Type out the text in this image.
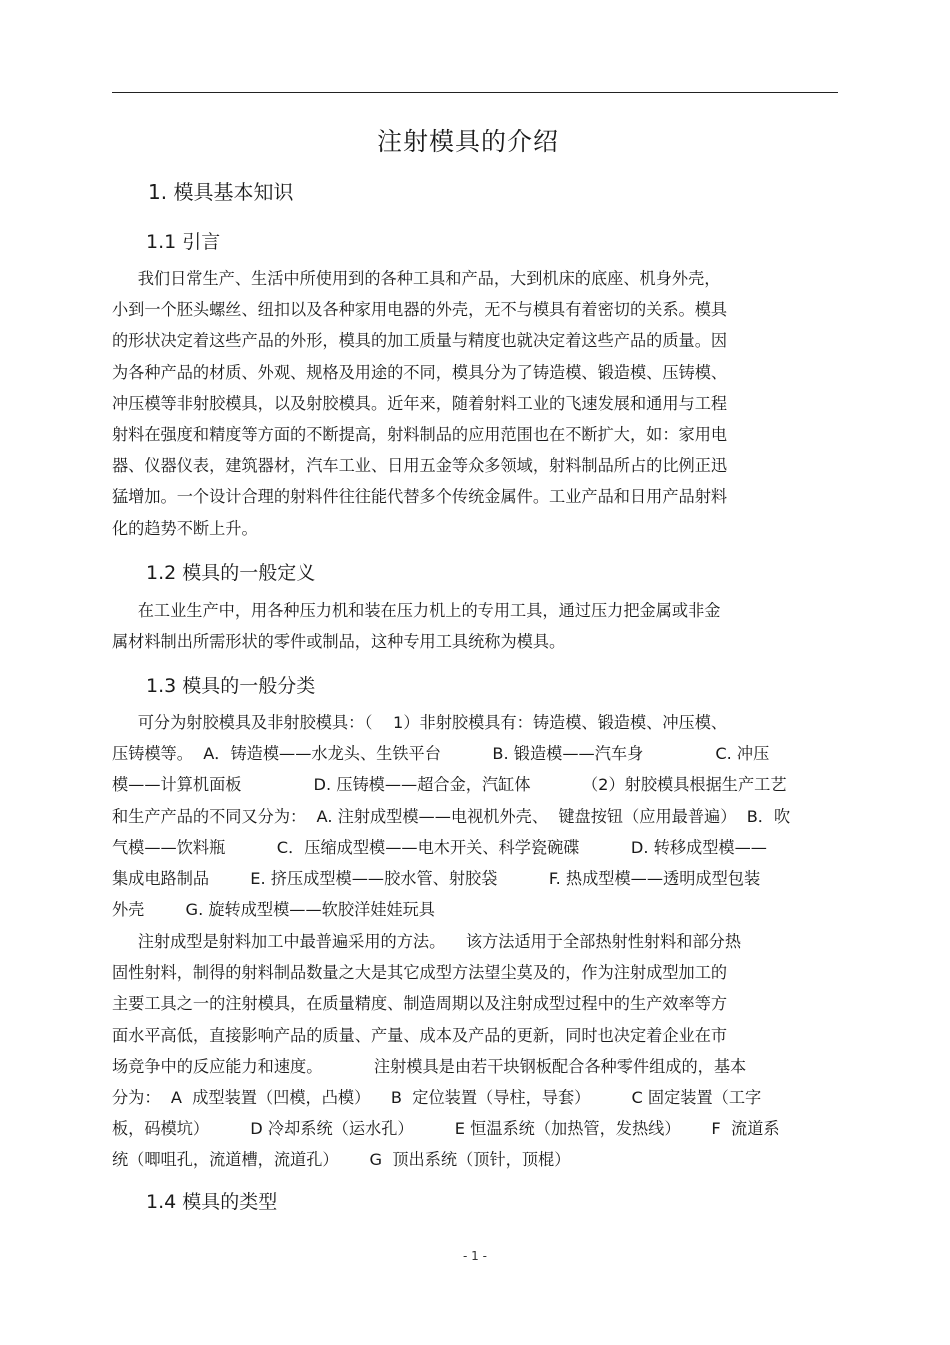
注射模具的介绍
1. 模具基本知识
1.1 引言
我们日常生产、生活中所使用到的各种工具和产品，大到机床的底座、机身外壳，
小到一个胚头螺丝、纽扣以及各种家用电器的外壳，无不与模具有着密切的关系。模具
的形状决定着这些产品的外形，模具的加工质量与精度也就决定着这些产品的质量。因
为各种产品的材质、外观、规格及用途的不同，模具分为了铸造模、锻造模、压铸模、
冲压模等非射胶模具，以及射胶模具。近年来，随着射料工业的飞速发展和通用与工程
射料在强度和精度等方面的不断提高，射料制品的应用范围也在不断扩大，如：家用电
器、仪器仪表，建筑器材，汽车工业、日用五金等众多领域，射料制品所占的比例正迅
猛增加。一个设计合理的射料件往往能代替多个传统金属件。工业产品和日用产品射料
化的趋势不断上升。
1.2 模具的一般定义
在工业生产中，用各种压力机和装在压力机上的专用工具，通过压力把金属或非金
属材料制出所需形状的零件或制品，这种专用工具统称为模具。
1.3 模具的一般分类
可分为射胶模具及非射胶模具：（    1）非射胶模具有：铸造模、锻造模、冲压模、
压铸模等。  A．铸造模——水龙头、生铁平台          B. 锻造模——汽车身              C. 冲压
模——计算机面板              D. 压铸模——超合金，汽缸体          （2）射胶模具根据生产工艺
和生产产品的不同又分为：  A. 注射成型模——电视机外壳、  键盘按钮（应用最普遍）  B．吹
气模——饮料瓶          C．压缩成型模——电木开关、科学瓷碗碟          D. 转移成型模——
集成电路制品        E. 挤压成型模——胶水管、射胶袋          F. 热成型模——透明成型包装
外壳        G. 旋转成型模——软胶洋娃娃玩具
注射成型是射料加工中最普遍采用的方法。    该方法适用于全部热射性射料和部分热
固性射料，制得的射料制品数量之大是其它成型方法望尘莫及的，作为注射成型加工的
主要工具之一的注射模具，在质量精度、制造周期以及注射成型过程中的生产效率等方
面水平高低，直接影响产品的质量、产量、成本及产品的更新，同时也决定着企业在市
场竞争中的反应能力和速度。          注射模具是由若干块钢板配合各种零件组成的，基本
分为：  A  成型装置（凹模，凸模）    B  定位装置（导柱，导套）        C 固定装置（工字
板，码模坑）        D 冷却系统（运水孔）        E 恒温系统（加热管，发热线）      F  流道系
统（唧咀孔，流道槽，流道孔）      G  顶出系统（顶针，顶棍）
1.4 模具的类型
- 1 -
